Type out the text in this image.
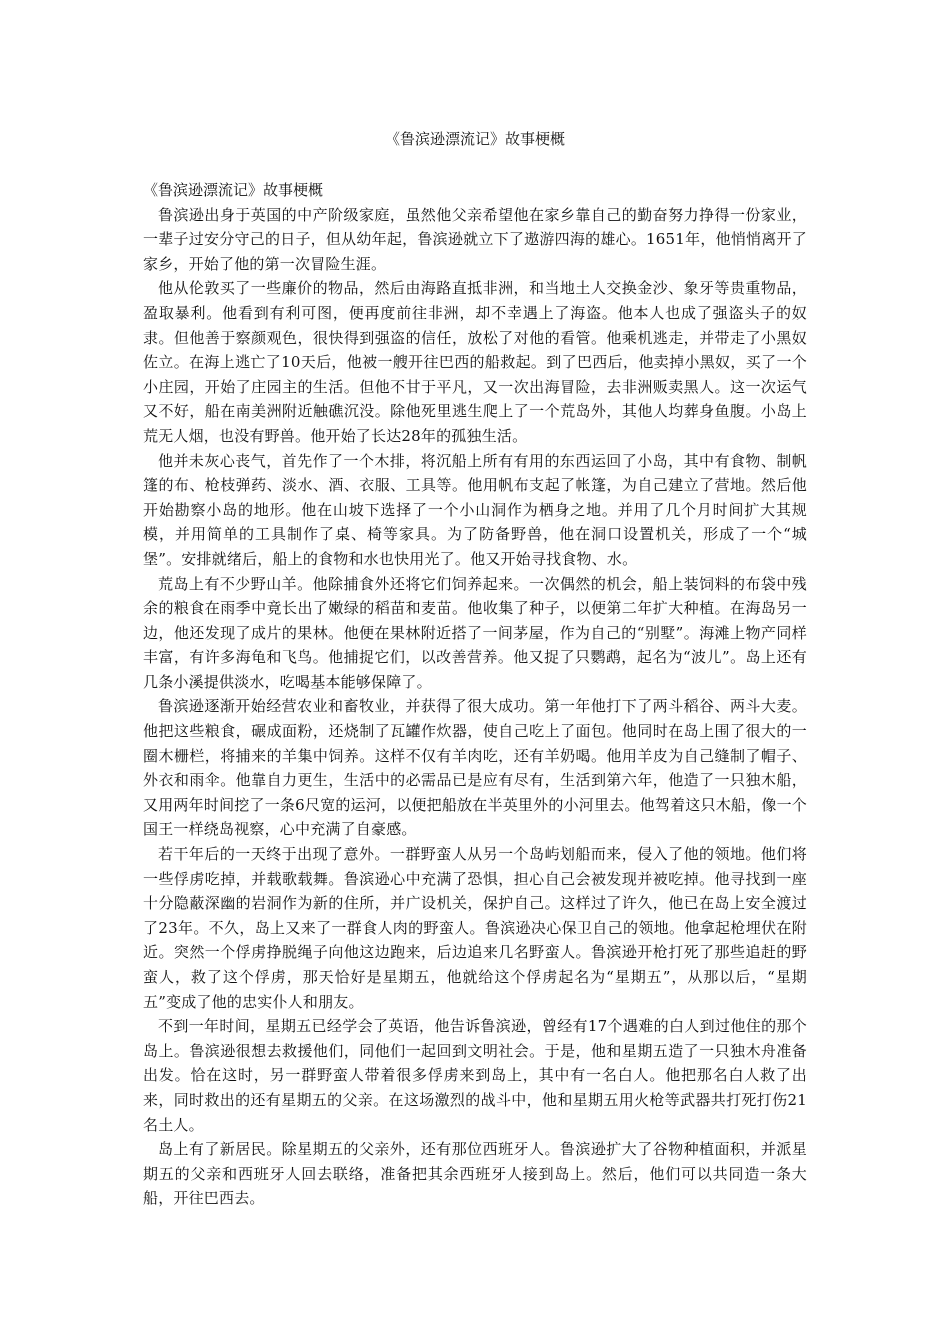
《鲁滨逊漂流记》故事梗概

《鲁滨逊漂流记》故事梗概

鲁滨逊出身于英国的中产阶级家庭，虽然他父亲希望他在家乡靠自己的勤奋努力挣得一份家业，一辈子过安分守己的日子，但从幼年起，鲁滨逊就立下了遨游四海的雄心。1651年，他悄悄离开了家乡，开始了他的第一次冒险生涯。

他从伦敦买了一些廉价的物品，然后由海路直抵非洲，和当地土人交换金沙、象牙等贵重物品，盈取暴利。他看到有利可图，便再度前往非洲，却不幸遇上了海盗。他本人也成了强盗头子的奴隶。但他善于察颜观色，很快得到强盗的信任，放松了对他的看管。他乘机逃走，并带走了小黑奴佐立。在海上逃亡了10天后，他被一艘开往巴西的船救起。到了巴西后，他卖掉小黑奴，买了一个小庄园，开始了庄园主的生活。但他不甘于平凡，又一次出海冒险，去非洲贩卖黑人。这一次运气又不好，船在南美洲附近触礁沉没。除他死里逃生爬上了一个荒岛外，其他人均葬身鱼腹。小岛上荒无人烟，也没有野兽。他开始了长达28年的孤独生活。

他并未灰心丧气，首先作了一个木排，将沉船上所有有用的东西运回了小岛，其中有食物、制帆篷的布、枪枝弹药、淡水、酒、衣服、工具等。他用帆布支起了帐篷，为自己建立了营地。然后他开始勘察小岛的地形。他在山坡下选择了一个小山洞作为栖身之地。并用了几个月时间扩大其规模，并用简单的工具制作了桌、椅等家具。为了防备野兽，他在洞口设置机关，形成了一个“城堡”。安排就绪后，船上的食物和水也快用光了。他又开始寻找食物、水。

荒岛上有不少野山羊。他除捕食外还将它们饲养起来。一次偶然的机会，船上装饲料的布袋中残余的粮食在雨季中竟长出了嫩绿的稻苗和麦苗。他收集了种子，以便第二年扩大种植。在海岛另一边，他还发现了成片的果林。他便在果林附近搭了一间茅屋，作为自己的“别墅”。海滩上物产同样丰富，有许多海龟和飞鸟。他捕捉它们，以改善营养。他又捉了只鹦鹉，起名为“波儿”。岛上还有几条小溪提供淡水，吃喝基本能够保障了。

鲁滨逊逐渐开始经营农业和畜牧业，并获得了很大成功。第一年他打下了两斗稻谷、两斗大麦。他把这些粮食，碾成面粉，还烧制了瓦罐作炊器，使自己吃上了面包。他同时在岛上围了很大的一圈木栅栏，将捕来的羊集中饲养。这样不仅有羊肉吃，还有羊奶喝。他用羊皮为自己缝制了帽子、外衣和雨伞。他靠自力更生，生活中的必需品已是应有尽有，生活到第六年，他造了一只独木船，又用两年时间挖了一条6尺宽的运河，以便把船放在半英里外的小河里去。他驾着这只木船，像一个国王一样绕岛视察，心中充满了自豪感。

若干年后的一天终于出现了意外。一群野蛮人从另一个岛屿划船而来，侵入了他的领地。他们将一些俘虏吃掉，并载歌载舞。鲁滨逊心中充满了恐惧，担心自己会被发现并被吃掉。他寻找到一座十分隐蔽深幽的岩洞作为新的住所，并广设机关，保护自己。这样过了许久，他已在岛上安全渡过了23年。不久，岛上又来了一群食人肉的野蛮人。鲁滨逊决心保卫自己的领地。他拿起枪埋伏在附近。突然一个俘虏挣脱绳子向他这边跑来，后边追来几名野蛮人。鲁滨逊开枪打死了那些追赶的野蛮人，救了这个俘虏，那天恰好是星期五，他就给这个俘虏起名为“星期五”，从那以后，“星期五”变成了他的忠实仆人和朋友。

不到一年时间，星期五已经学会了英语，他告诉鲁滨逊，曾经有17个遇难的白人到过他住的那个岛上。鲁滨逊很想去救援他们，同他们一起回到文明社会。于是，他和星期五造了一只独木舟准备出发。恰在这时，另一群野蛮人带着很多俘虏来到岛上，其中有一名白人。他把那名白人救了出来，同时救出的还有星期五的父亲。在这场激烈的战斗中，他和星期五用火枪等武器共打死打伤21名土人。

岛上有了新居民。除星期五的父亲外，还有那位西班牙人。鲁滨逊扩大了谷物种植面积，并派星期五的父亲和西班牙人回去联络，准备把其余西班牙人接到岛上。然后，他们可以共同造一条大船，开往巴西去。
